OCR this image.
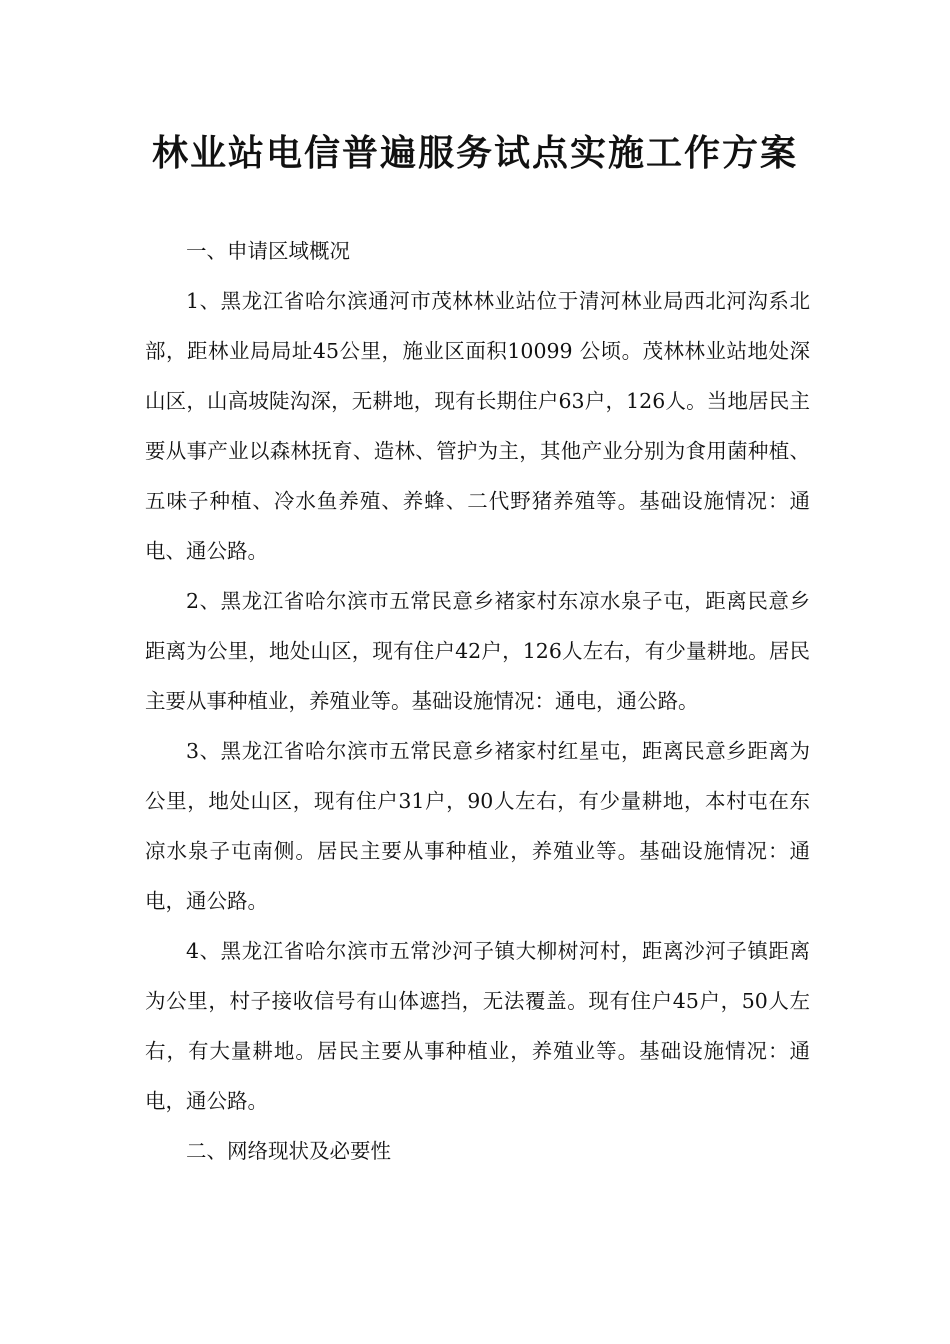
林业站电信普遍服务试点实施工作方案

一、申请区域概况

1、黑龙江省哈尔滨通河市茂林林业站位于清河林业局西北河沟系北部，距林业局局址45公里，施业区面积10099 公顷。茂林林业站地处深山区，山高坡陡沟深，无耕地，现有长期住户63户，126人。当地居民主要从事产业以森林抚育、造林、管护为主，其他产业分别为食用菌种植、五味子种植、冷水鱼养殖、养蜂、二代野猪养殖等。基础设施情况：通电、通公路。

2、黑龙江省哈尔滨市五常民意乡褚家村东凉水泉子屯，距离民意乡距离为公里，地处山区，现有住户42户，126人左右，有少量耕地。居民主要从事种植业，养殖业等。基础设施情况：通电，通公路。

3、黑龙江省哈尔滨市五常民意乡褚家村红星屯，距离民意乡距离为公里，地处山区，现有住户31户，90人左右，有少量耕地，本村屯在东凉水泉子屯南侧。居民主要从事种植业，养殖业等。基础设施情况：通电，通公路。

4、黑龙江省哈尔滨市五常沙河子镇大柳树河村，距离沙河子镇距离为公里，村子接收信号有山体遮挡，无法覆盖。现有住户45户，50人左右，有大量耕地。居民主要从事种植业，养殖业等。基础设施情况：通电，通公路。

二、网络现状及必要性
